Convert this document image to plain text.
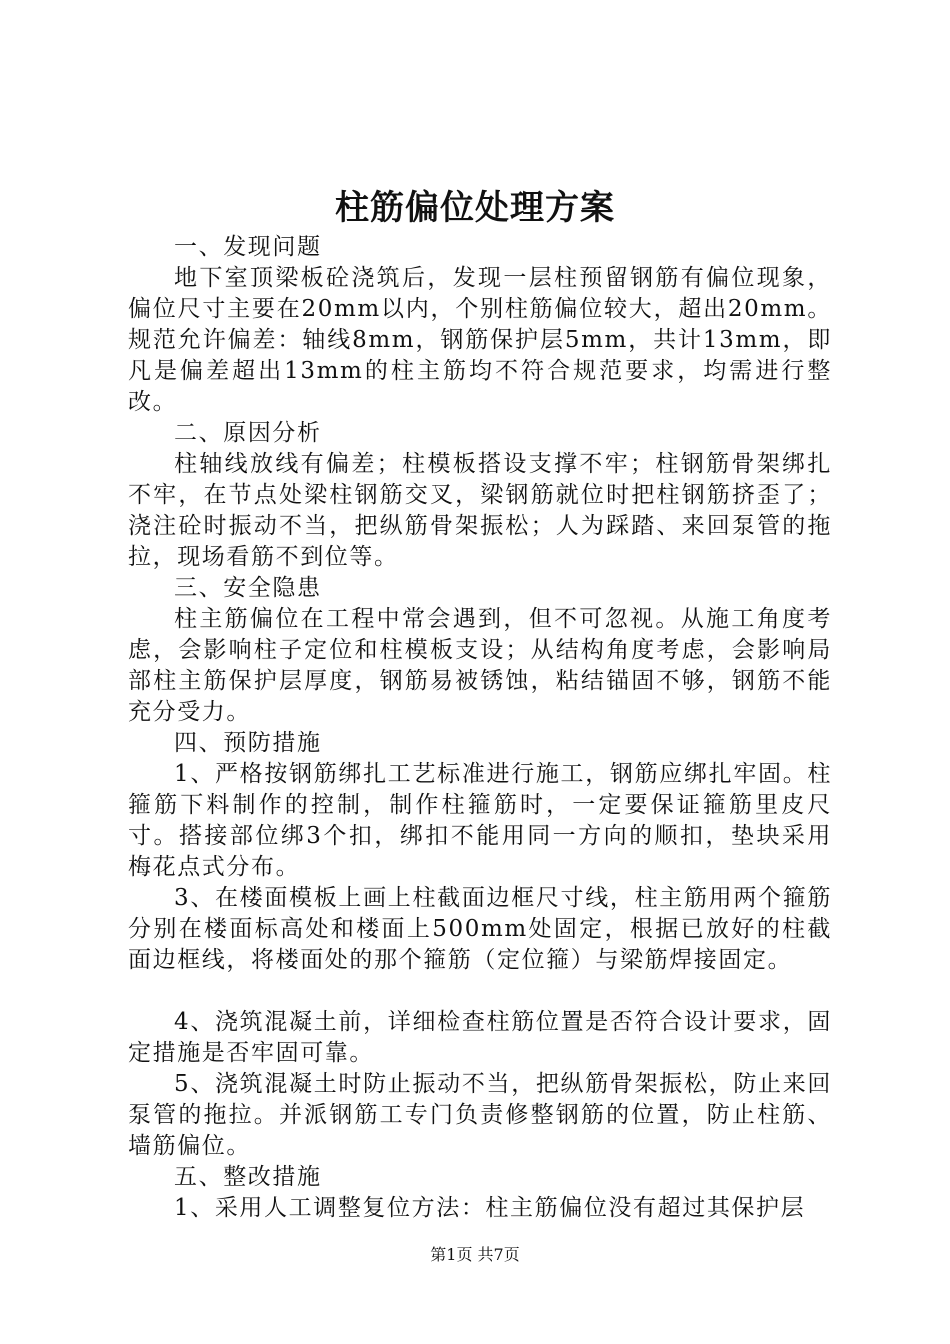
柱筋偏位处理方案

一、发现问题

地下室顶梁板砼浇筑后，发现一层柱预留钢筋有偏位现象，偏位尺寸主要在20mm以内，个别柱筋偏位较大，超出20mm。规范允许偏差：轴线8mm，钢筋保护层5mm，共计13mm，即凡是偏差超出13mm的柱主筋均不符合规范要求，均需进行整改。

二、原因分析

柱轴线放线有偏差；柱模板搭设支撑不牢；柱钢筋骨架绑扎不牢，在节点处梁柱钢筋交叉，梁钢筋就位时把柱钢筋挤歪了；浇注砼时振动不当，把纵筋骨架振松；人为踩踏、来回泵管的拖拉，现场看筋不到位等。

三、安全隐患

柱主筋偏位在工程中常会遇到，但不可忽视。从施工角度考虑，会影响柱子定位和柱模板支设；从结构角度考虑，会影响局部柱主筋保护层厚度，钢筋易被锈蚀，粘结锚固不够，钢筋不能充分受力。

四、预防措施

1、严格按钢筋绑扎工艺标准进行施工，钢筋应绑扎牢固。柱箍筋下料制作的控制，制作柱箍筋时，一定要保证箍筋里皮尺寸。搭接部位绑3个扣，绑扣不能用同一方向的顺扣，垫块采用梅花点式分布。

3、在楼面模板上画上柱截面边框尺寸线，柱主筋用两个箍筋分别在楼面标高处和楼面上500mm处固定，根据已放好的柱截面边框线，将楼面处的那个箍筋（定位箍）与梁筋焊接固定。

4、浇筑混凝土前，详细检查柱筋位置是否符合设计要求，固定措施是否牢固可靠。

5、浇筑混凝土时防止振动不当，把纵筋骨架振松，防止来回泵管的拖拉。并派钢筋工专门负责修整钢筋的位置，防止柱筋、墙筋偏位。

五、整改措施

1、采用人工调整复位方法：柱主筋偏位没有超过其保护层

第1页 共7页
